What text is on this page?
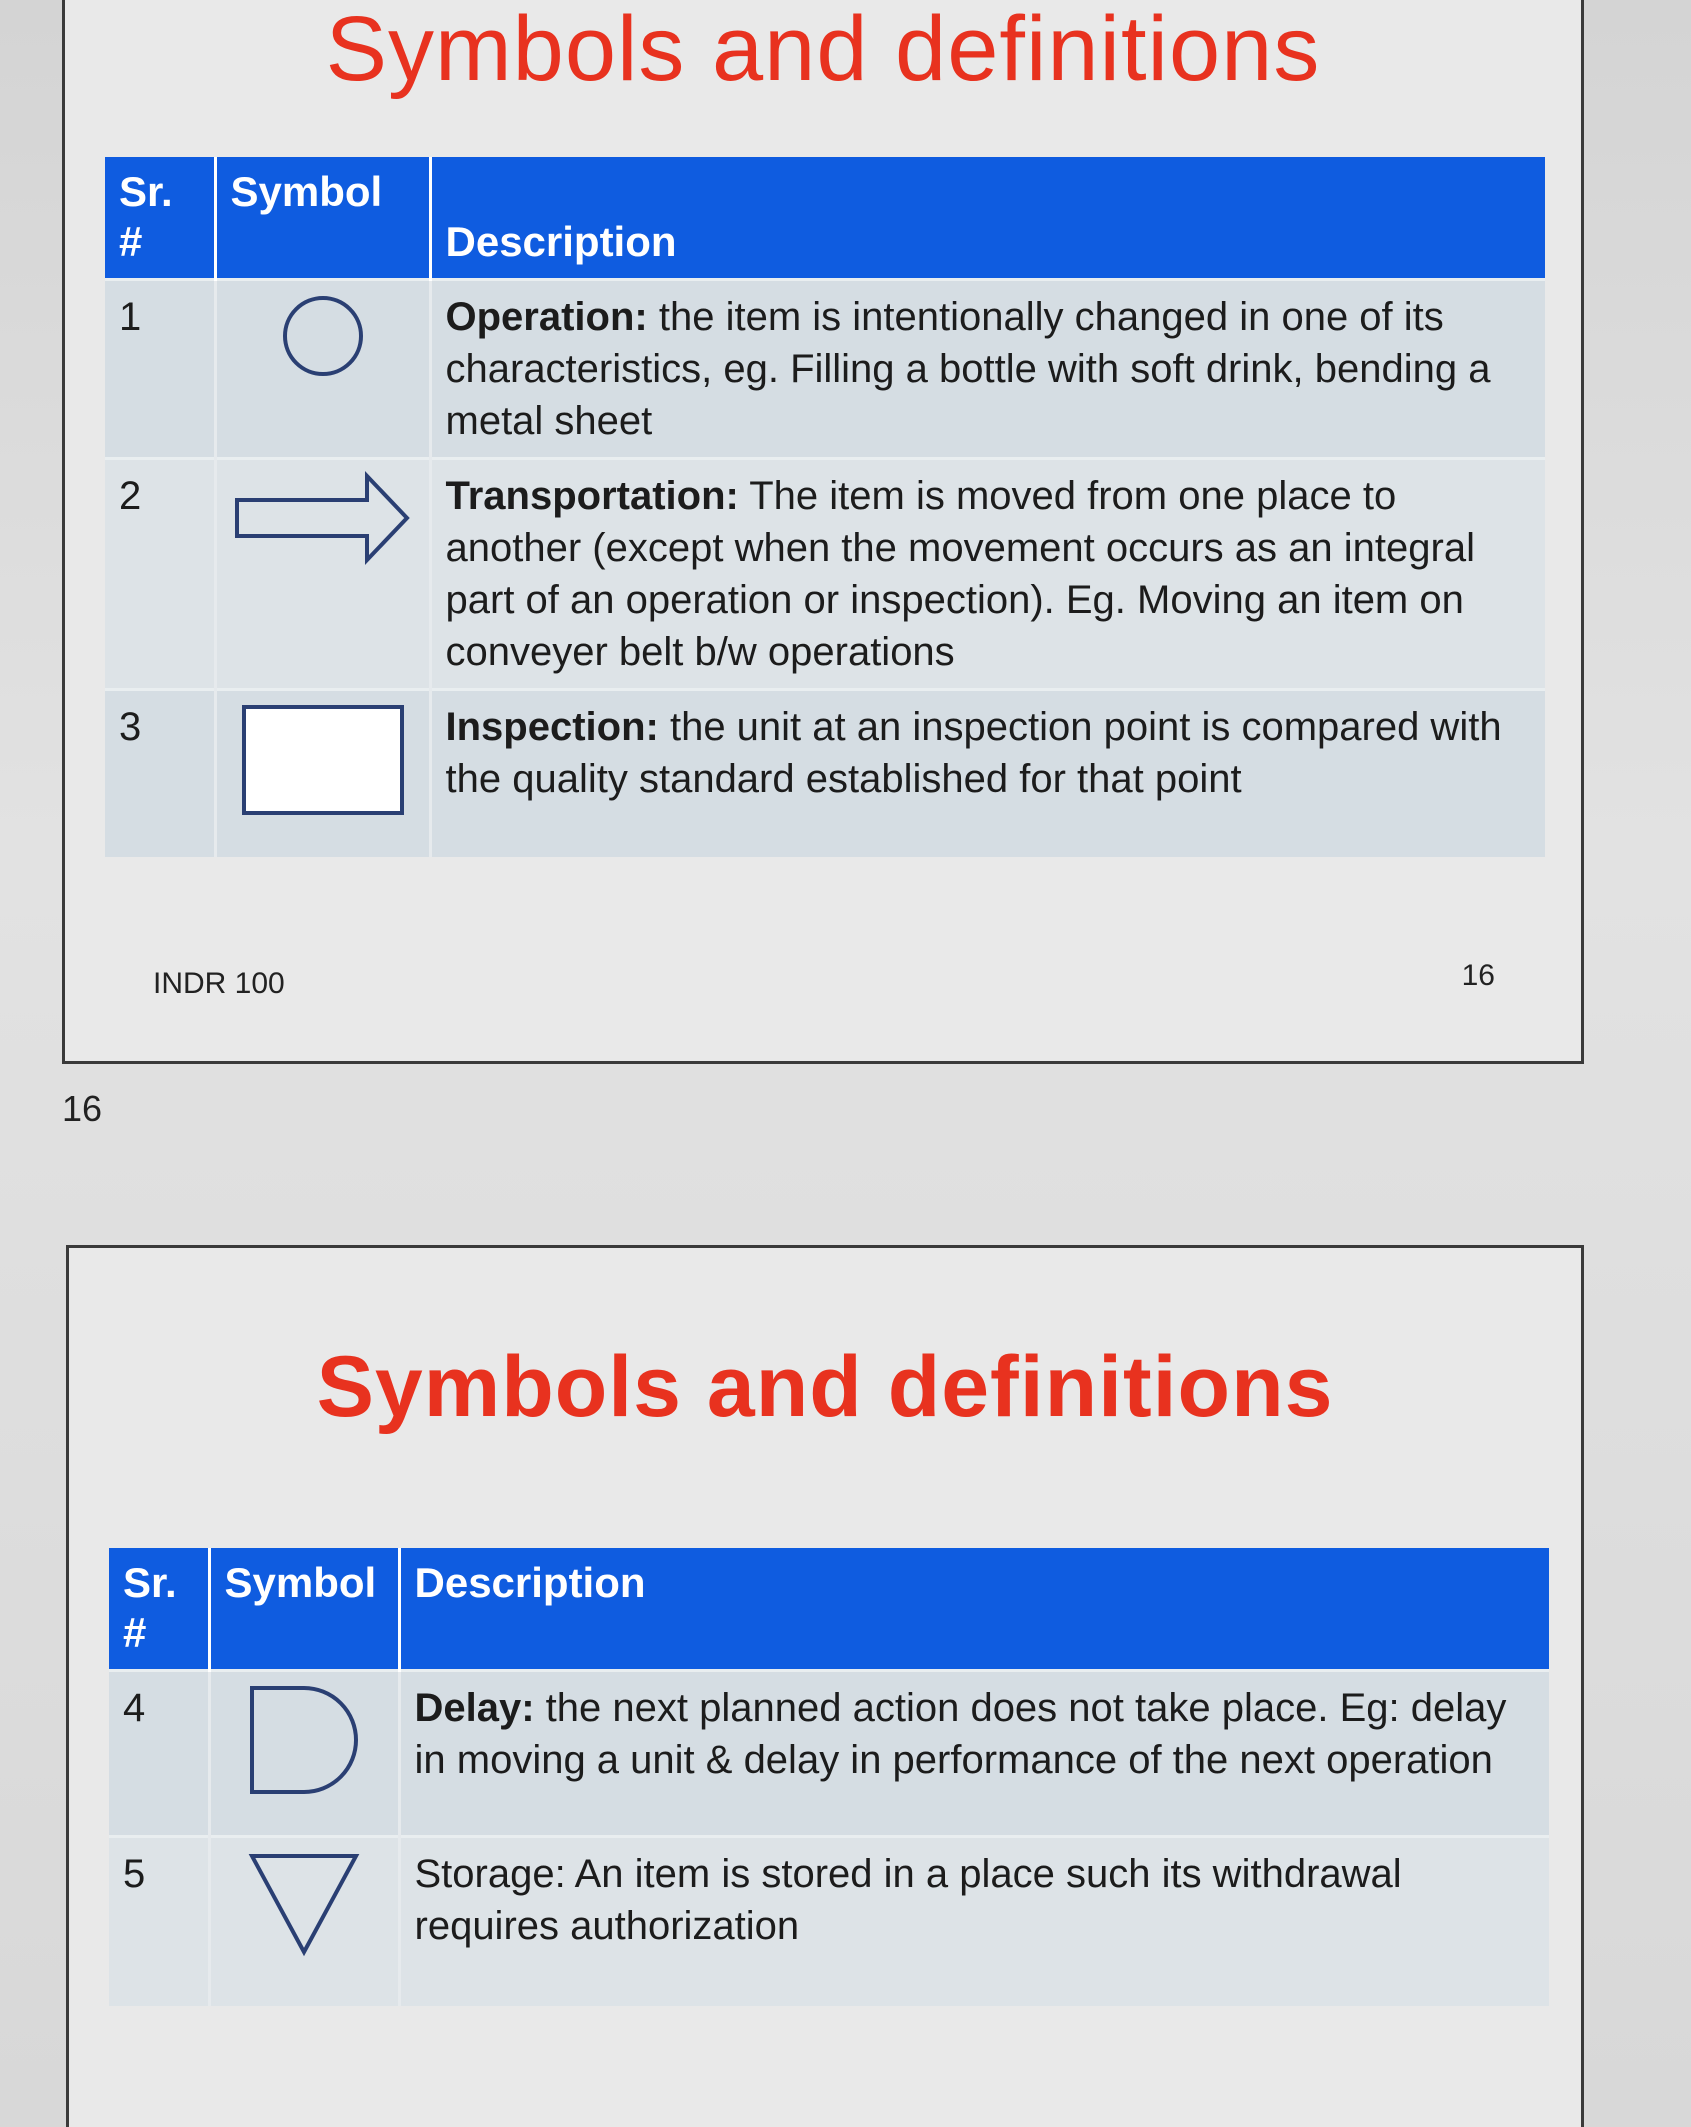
Symbols and definitions
Sr. #	Symbol	Description
1		Operation: the item is intentionally changed in one of its characteristics, eg. Filling a bottle with soft drink, bending a metal sheet
2		Transportation: The item is moved from one place to another (except when the movement occurs as an integral part of an operation or inspection). Eg. Moving an item on conveyer belt b/w operations
3		Inspection: the unit at an inspection point is compared with the quality standard established for that point
INDR 100	16
16
Symbols and definitions
Sr. #	Symbol	Description
4		Delay: the next planned action does not take place. Eg: delay in moving a unit & delay in performance of the next operation
5		Storage: An item is stored in a place such its withdrawal requires authorization
